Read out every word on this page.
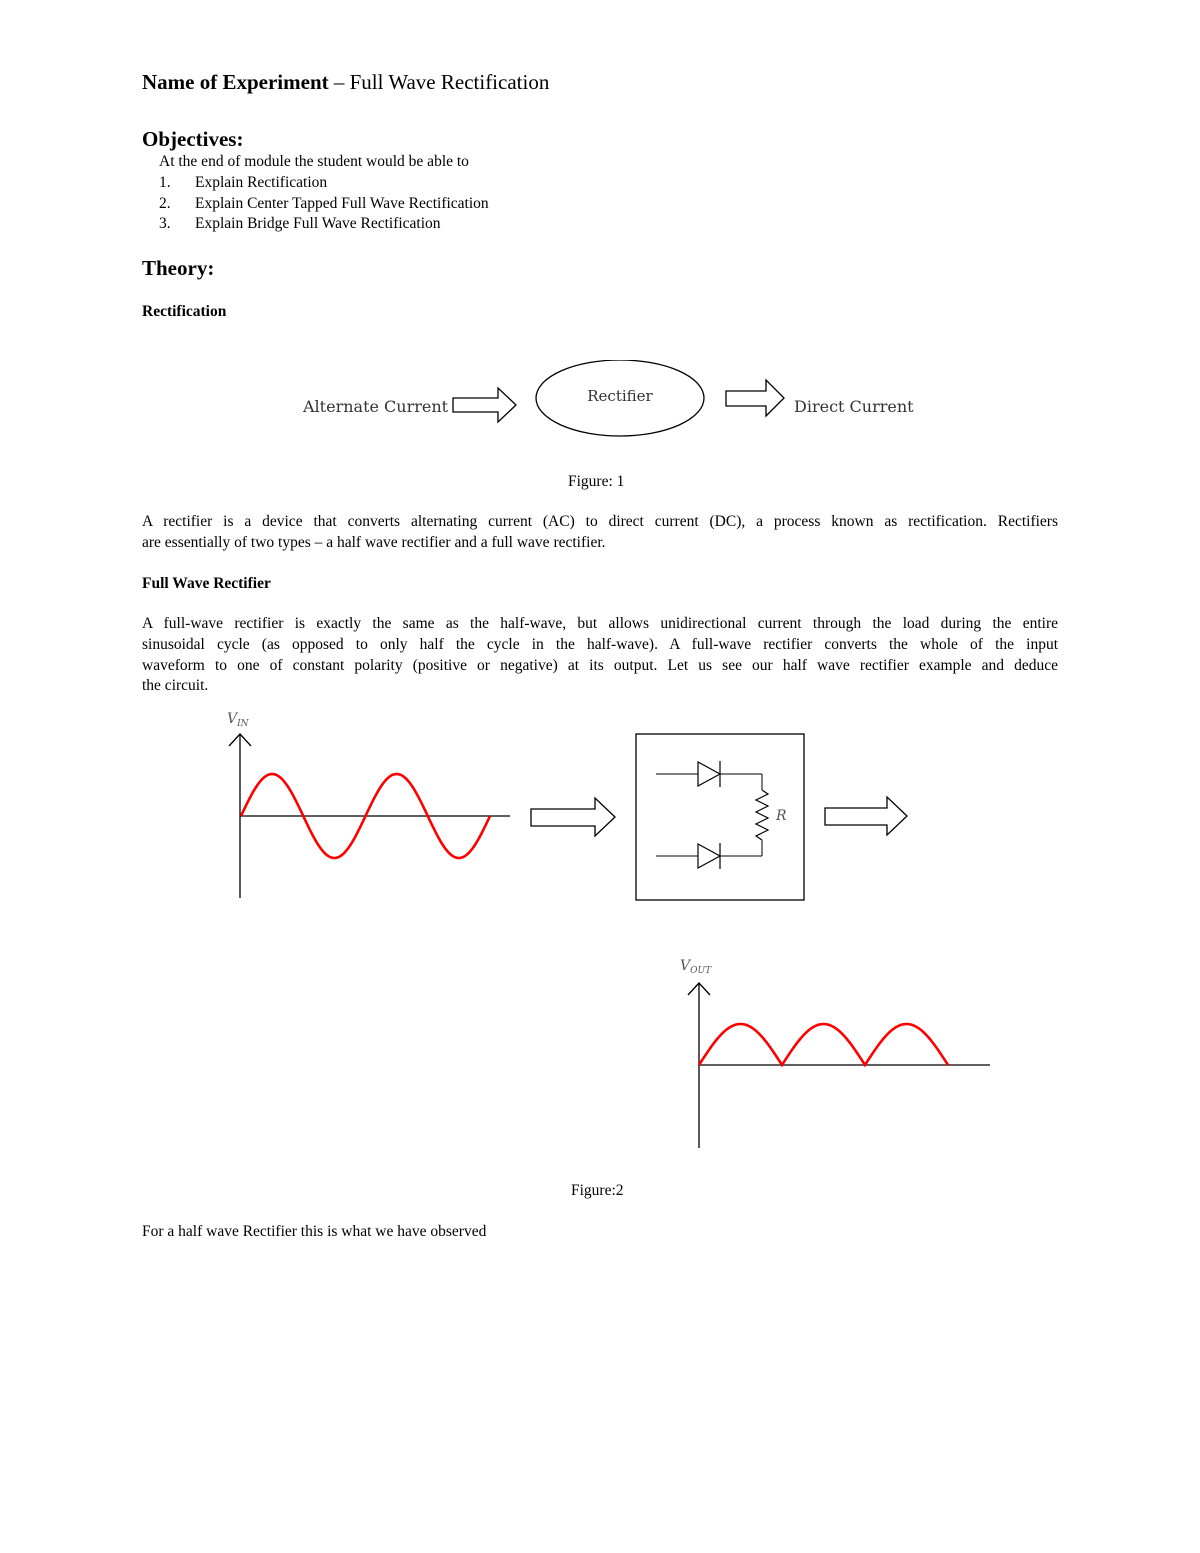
Name of Experiment – Full Wave Rectification
Objectives:
At the end of module the student would be able to
1. Explain Rectification
2. Explain Center Tapped Full Wave Rectification
3. Explain Bridge Full Wave Rectification
Theory:
Rectification
Alternate Current
Rectifier
Direct Current
Figure: 1
A rectifier is a device that converts alternating current (AC) to direct current (DC), a process known as rectification. Rectifiers
are essentially of two types – a half wave rectifier and a full wave rectifier.
Full Wave Rectifier
A full-wave rectifier is exactly the same as the half-wave, but allows unidirectional current through the load during the entire
sinusoidal cycle (as opposed to only half the cycle in the half-wave). A full-wave rectifier converts the whole of the input
waveform to one of constant polarity (positive or negative) at its output. Let us see our half wave rectifier example and deduce
the circuit.
$V_{IN}$
R
$V_{OUT}$
Figure:2
For a half wave Rectifier this is what we have observed
